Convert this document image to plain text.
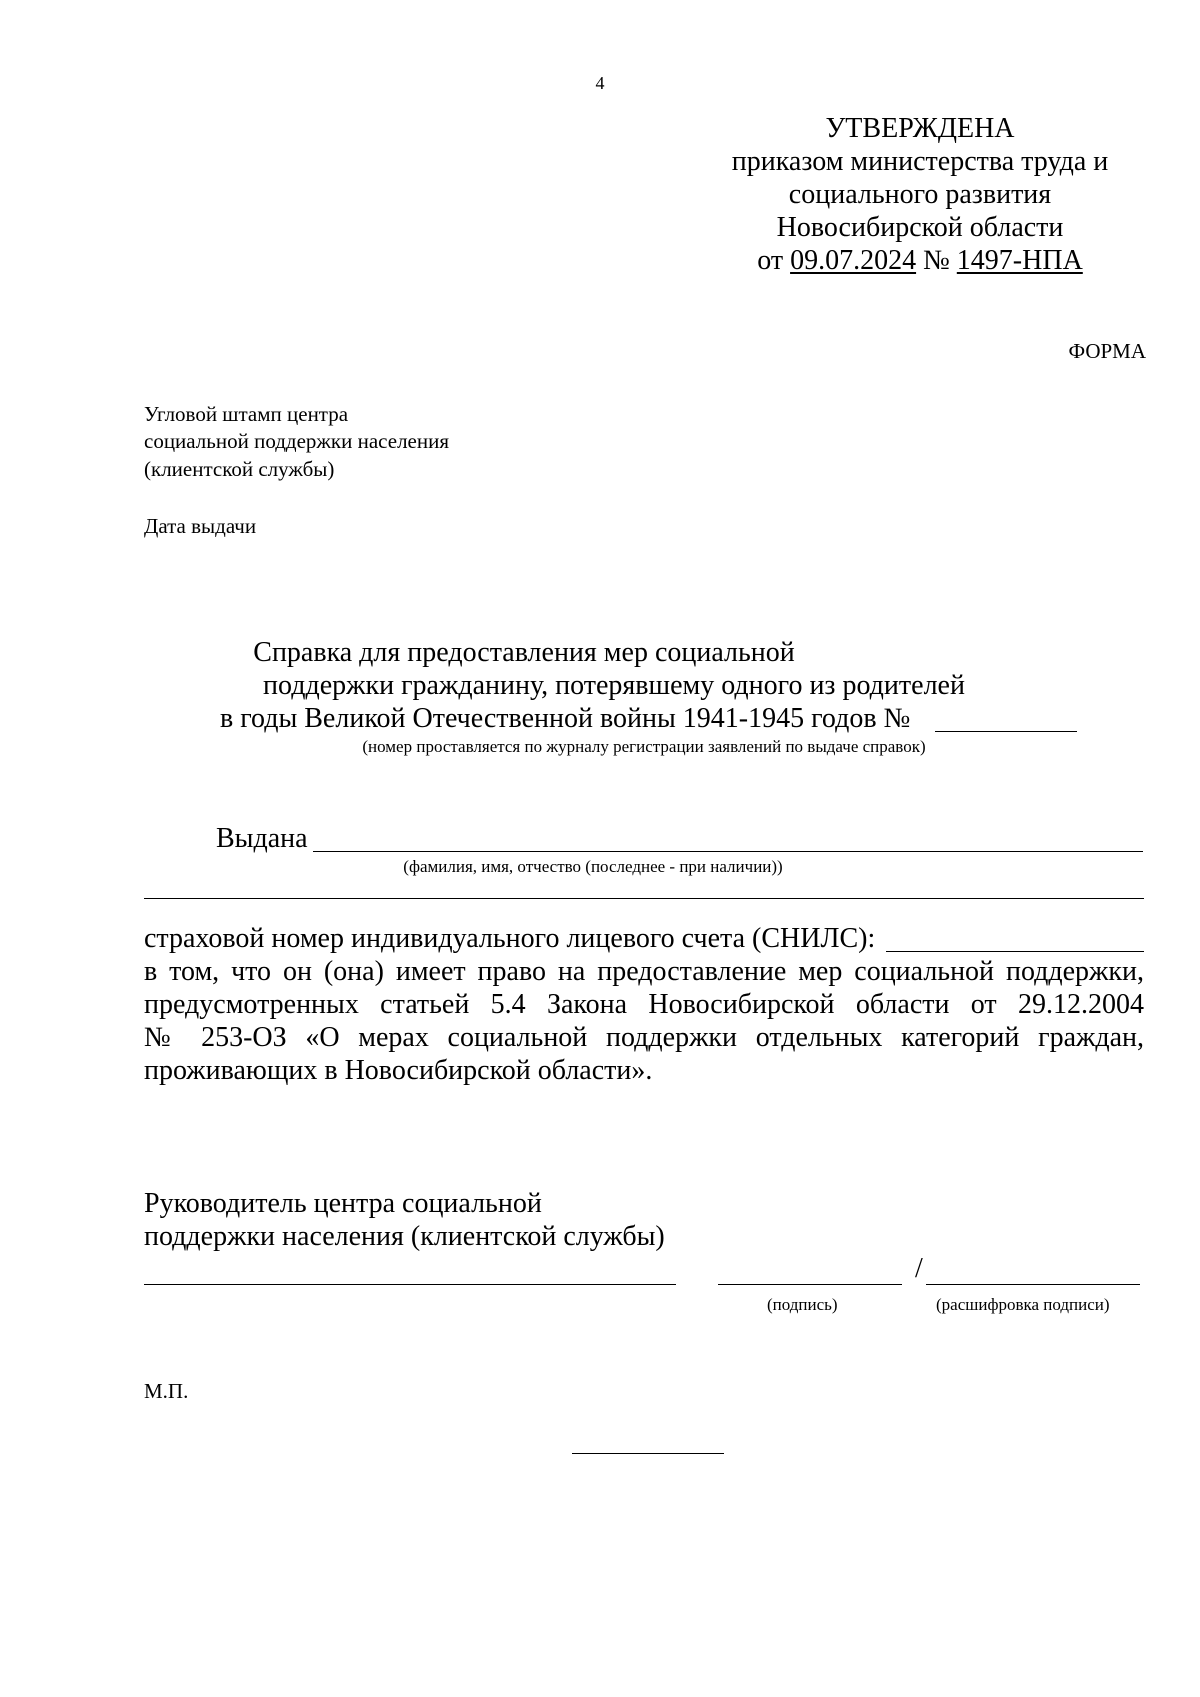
4
УТВЕРЖДЕНА
приказом министерства труда и
социального развития
Новосибирской области
от 09.07.2024 № 1497-НПА
ФОРМА
Угловой штамп центра
социальной поддержки населения
(клиентской службы)
Дата выдачи
Справка для предоставления мер социальной
поддержки гражданину, потерявшему одного из родителей
в годы Великой Отечественной войны 1941-1945 годов №
(номер проставляется по журналу регистрации заявлений по выдаче справок)
Выдана
(фамилия, имя, отчество (последнее - при наличии))
страховой номер индивидуального лицевого счета (СНИЛС):
в том, что он (она) имеет право на предоставление мер социальной поддержки,
предусмотренных статьей 5.4 Закона Новосибирской области от 29.12.2004
№ 253-ОЗ «О мерах социальной поддержки отдельных категорий граждан,
проживающих в Новосибирской области».
Руководитель центра социальной
поддержки населения (клиентской службы)
/
(подпись)	(расшифровка подписи)
М.П.
